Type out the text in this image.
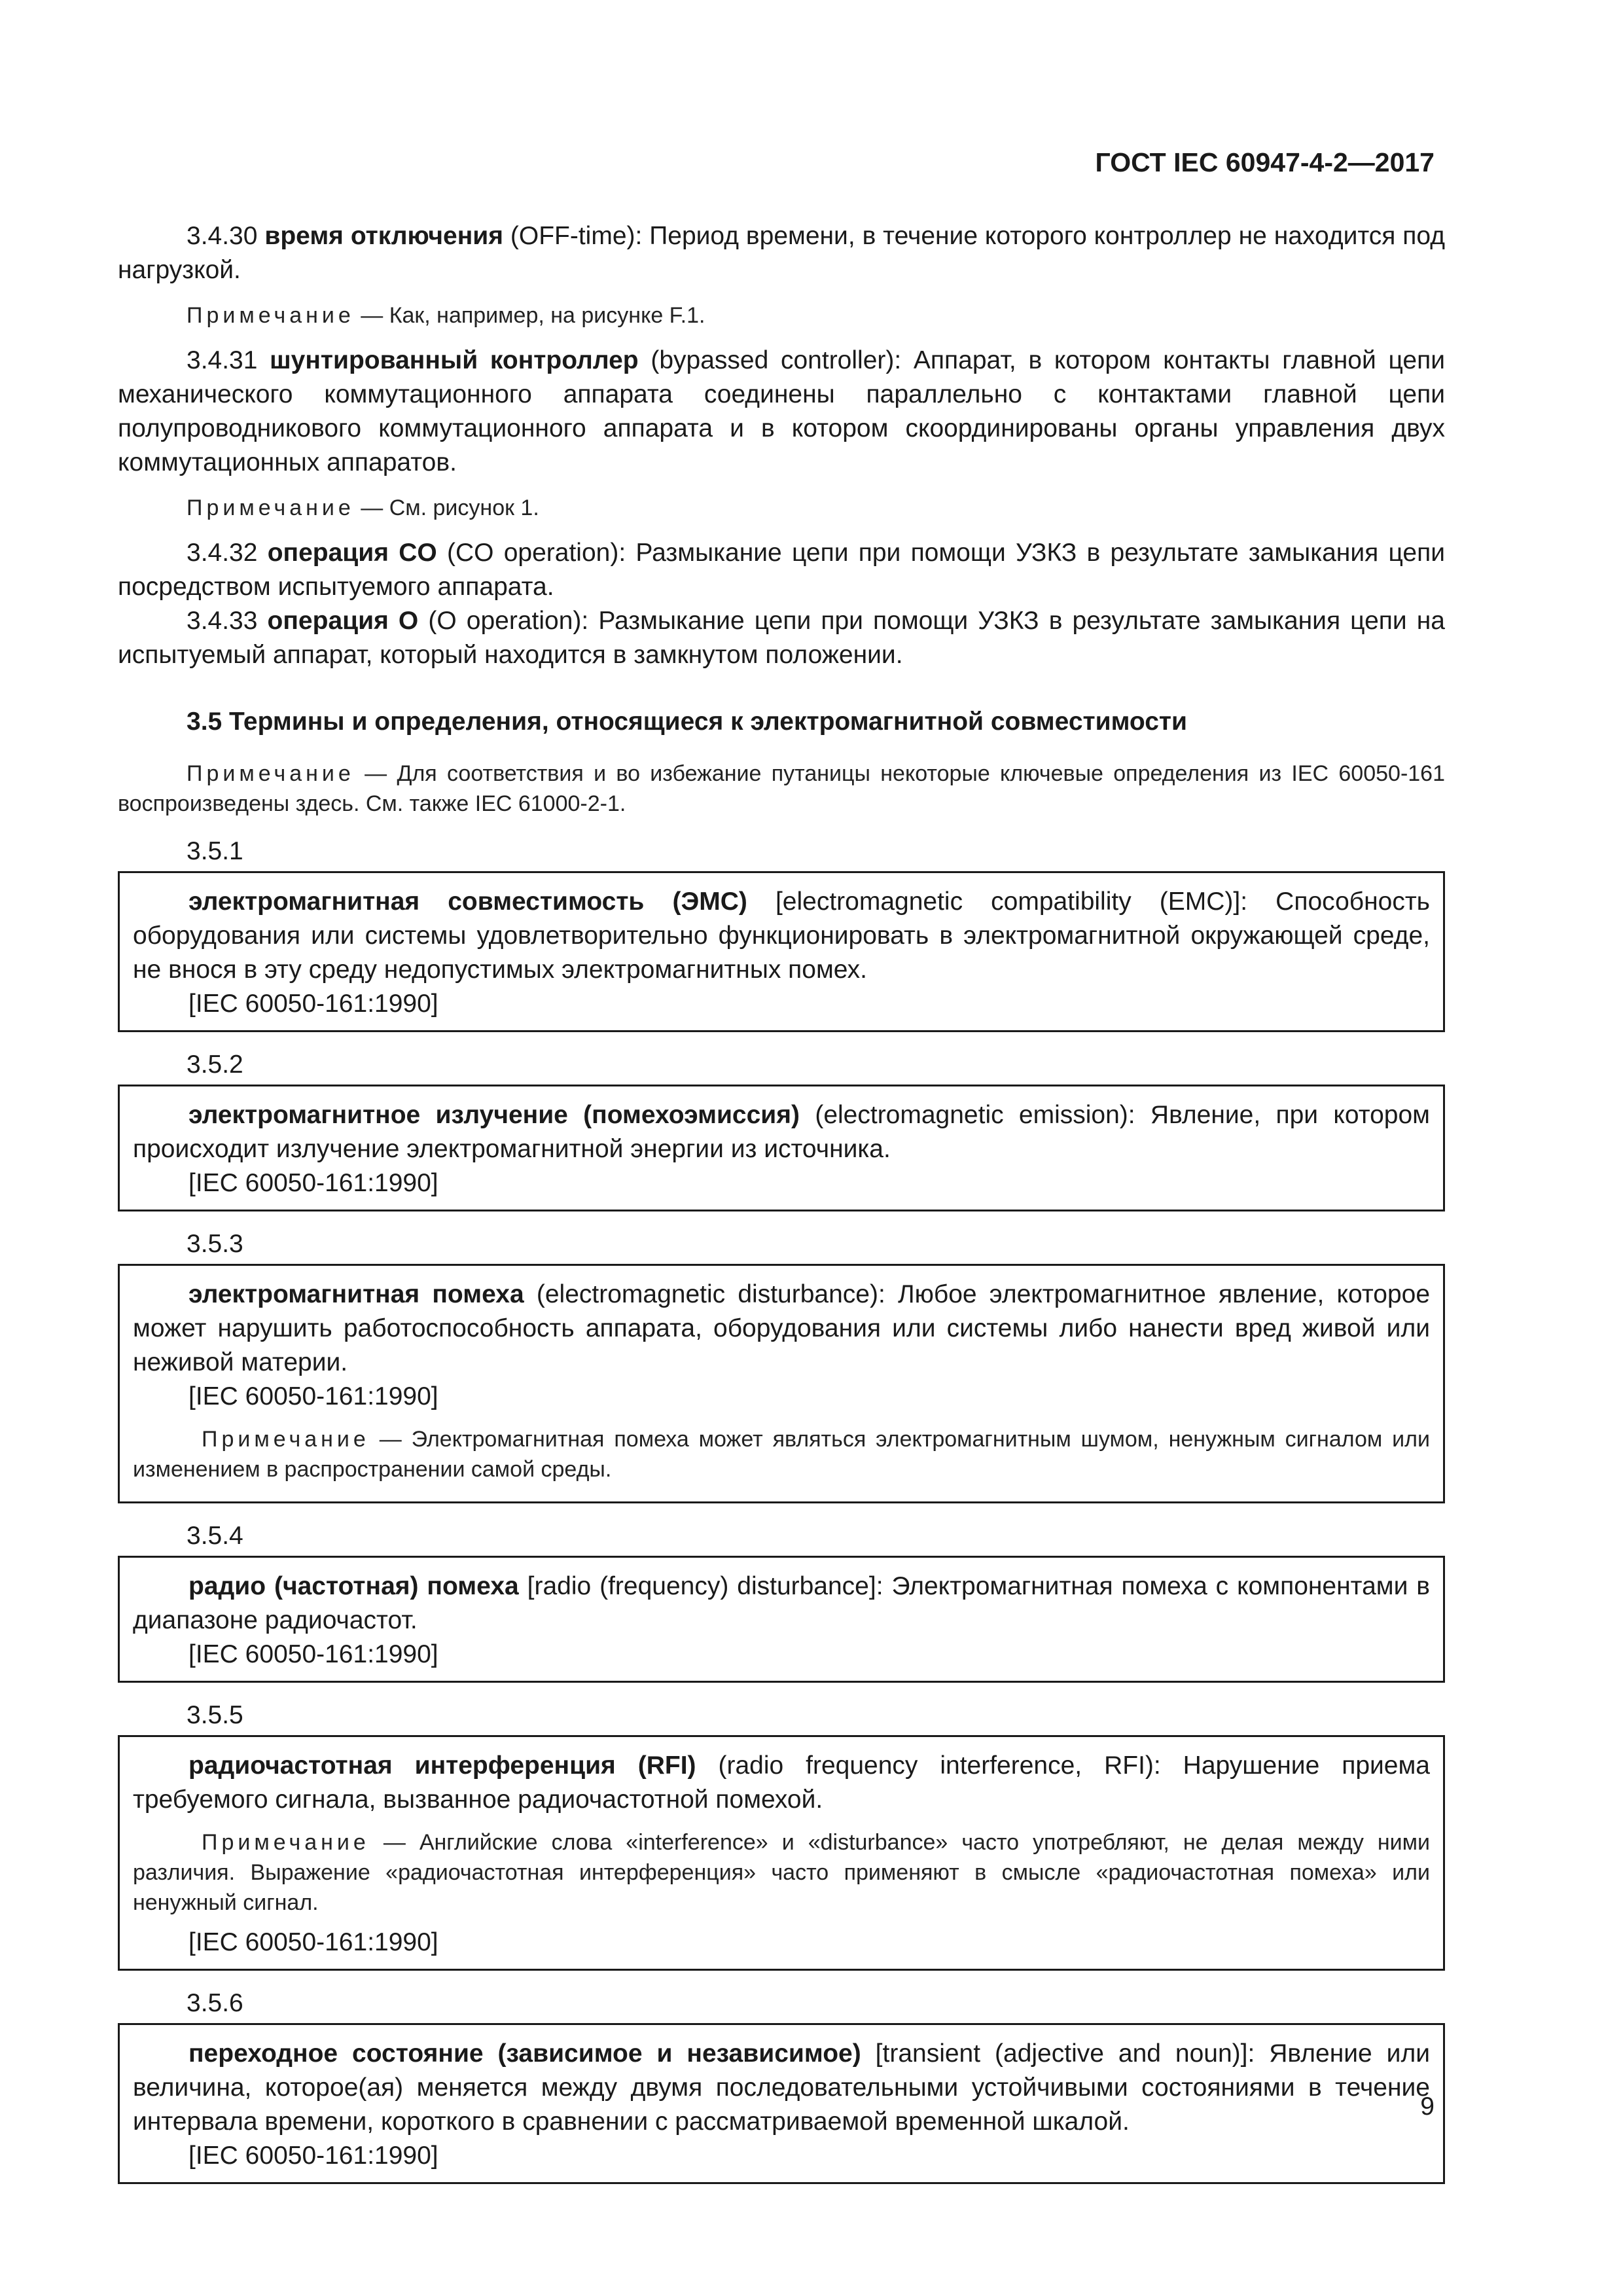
ГОСТ IEC 60947-4-2—2017

3.4.30 время отключения (OFF-time): Период времени, в течение которого контроллер не находится под нагрузкой.

Примечание — Как, например, на рисунке F.1.

3.4.31 шунтированный контроллер (bypassed controller): Аппарат, в котором контакты главной цепи механического коммутационного аппарата соединены параллельно с контактами главной цепи полупроводникового коммутационного аппарата и в котором скоординированы органы управления двух коммутационных аппаратов.

Примечание — См. рисунок 1.

3.4.32 операция CO (CO operation): Размыкание цепи при помощи УЗКЗ в результате замыкания цепи посредством испытуемого аппарата.

3.4.33 операция O (O operation): Размыкание цепи при помощи УЗКЗ в результате замыкания цепи на испытуемый аппарат, который находится в замкнутом положении.

3.5 Термины и определения, относящиеся к электромагнитной совместимости

Примечание — Для соответствия и во избежание путаницы некоторые ключевые определения из IEC 60050-161 воспроизведены здесь. См. также IEC 61000-2-1.

3.5.1

электромагнитная совместимость (ЭМС) [electromagnetic compatibility (EMC)]: Способность оборудования или системы удовлетворительно функционировать в электромагнитной окружающей среде, не внося в эту среду недопустимых электромагнитных помех.

[IEC 60050-161:1990]
3.5.2

электромагнитное излучение (помехоэмиссия) (electromagnetic emission): Явление, при котором происходит излучение электромагнитной энергии из источника.

[IEC 60050-161:1990]
3.5.3

электромагнитная помеха (electromagnetic disturbance): Любое электромагнитное явление, которое может нарушить работоспособность аппарата, оборудования или системы либо нанести вред живой или неживой материи.

[IEC 60050-161:1990]

Примечание — Электромагнитная помеха может являться электромагнитным шумом, ненужным сигналом или изменением в распространении самой среды.

3.5.4

радио (частотная) помеха [radio (frequency) disturbance]: Электромагнитная помеха с компонентами в диапазоне радиочастот.

[IEC 60050-161:1990]
3.5.5

радиочастотная интерференция (RFI) (radio frequency interference, RFI): Нарушение приема требуемого сигнала, вызванное радиочастотной помехой.

Примечание — Английские слова «interference» и «disturbance» часто употребляют, не делая между ними различия. Выражение «радиочастотная интерференция» часто применяют в смысле «радиочастотная помеха» или ненужный сигнал.

[IEC 60050-161:1990]
3.5.6

переходное состояние (зависимое и независимое) [transient (adjective and noun)]: Явление или величина, которое(ая) меняется между двумя последовательными устойчивыми состояниями в течение интервала времени, короткого в сравнении с рассматриваемой временной шкалой.

[IEC 60050-161:1990]
9
